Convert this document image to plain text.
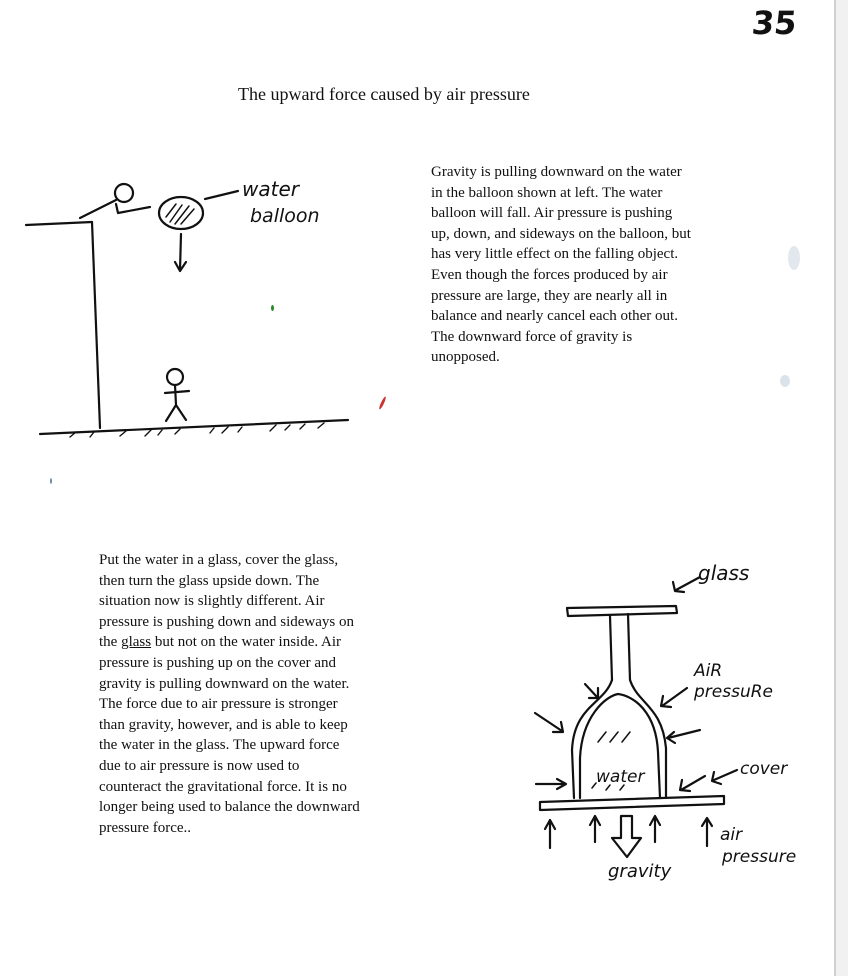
35
The upward force caused by air pressure
water
balloon
Gravity is pulling downward on the water
in the balloon shown at left. The water
balloon will fall. Air pressure is pushing
up, down, and sideways on the balloon, but
has very little effect on the falling object.
Even though the forces produced by air
pressure are large, they are nearly all in
balance and nearly cancel each other out.
The downward force of gravity is
unopposed.
Put the water in a glass, cover the glass,
then turn the glass upside down. The
situation now is slightly different. Air
pressure is pushing down and sideways on
the glass but not on the water inside. Air
pressure is pushing up on the cover and
gravity is pulling downward on the water.
The force due to air pressure is stronger
than gravity, however, and is able to keep
the water in the glass. The upward force
due to air pressure is now used to
counteract the gravitational force. It is no
longer being used to balance the downward
pressure force..
glass
AiR
pressuRe
water	cover
gravity
air
pressure
